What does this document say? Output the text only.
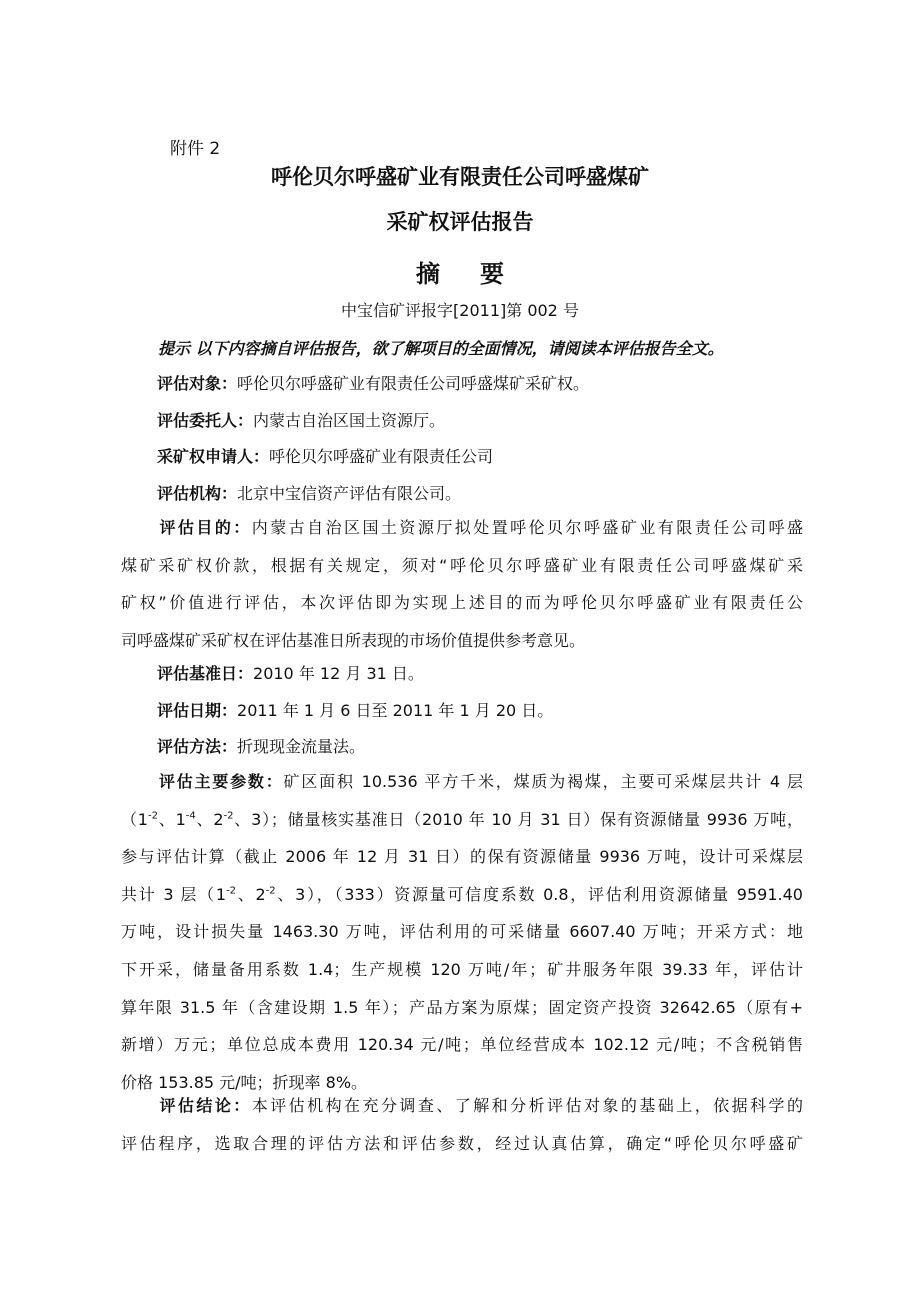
附件 2
呼伦贝尔呼盛矿业有限责任公司呼盛煤矿
采矿权评估报告
摘 要
中宝信矿评报字[2011]第 002 号
提示 以下内容摘自评估报告，欲了解项目的全面情况，请阅读本评估报告全文。
评估对象：呼伦贝尔呼盛矿业有限责任公司呼盛煤矿采矿权。
评估委托人：内蒙古自治区国土资源厅。
采矿权申请人：呼伦贝尔呼盛矿业有限责任公司
评估机构：北京中宝信资产评估有限公司。
评估目的：内蒙古自治区国土资源厅拟处置呼伦贝尔呼盛矿业有限责任公司呼盛
煤矿采矿权价款，根据有关规定，须对“呼伦贝尔呼盛矿业有限责任公司呼盛煤矿采
矿权”价值进行评估，本次评估即为实现上述目的而为呼伦贝尔呼盛矿业有限责任公
司呼盛煤矿采矿权在评估基准日所表现的市场价值提供参考意见。
评估基准日：2010 年 12 月 31 日。
评估日期：2011 年 1 月 6 日至 2011 年 1 月 20 日。
评估方法：折现现金流量法。
评估主要参数：矿区面积 10.536 平方千米，煤质为褐煤，主要可采煤层共计 4 层
（$1^{-2}$、$1^{-4}$、$2^{-2}$、3）；储量核实基准日（2010 年 10 月 31 日）保有资源储量 9936 万吨，
参与评估计算（截止 2006 年 12 月 31 日）的保有资源储量 9936 万吨，设计可采煤层
共计 3 层（$1^{-2}$、$2^{-2}$、3），（333）资源量可信度系数 0.8，评估利用资源储量 9591.40
万吨，设计损失量 1463.30 万吨，评估利用的可采储量 6607.40 万吨；开采方式：地
下开采，储量备用系数 1.4；生产规模 120 万吨/年；矿井服务年限 39.33 年，评估计
算年限 31.5 年（含建设期 1.5 年）；产品方案为原煤；固定资产投资 32642.65（原有+
新增）万元；单位总成本费用 120.34 元/吨；单位经营成本 102.12 元/吨；不含税销售
价格 153.85 元/吨；折现率 8%。
评估结论：本评估机构在充分调查、了解和分析评估对象的基础上，依据科学的
评估程序，选取合理的评估方法和评估参数，经过认真估算，确定“呼伦贝尔呼盛矿
